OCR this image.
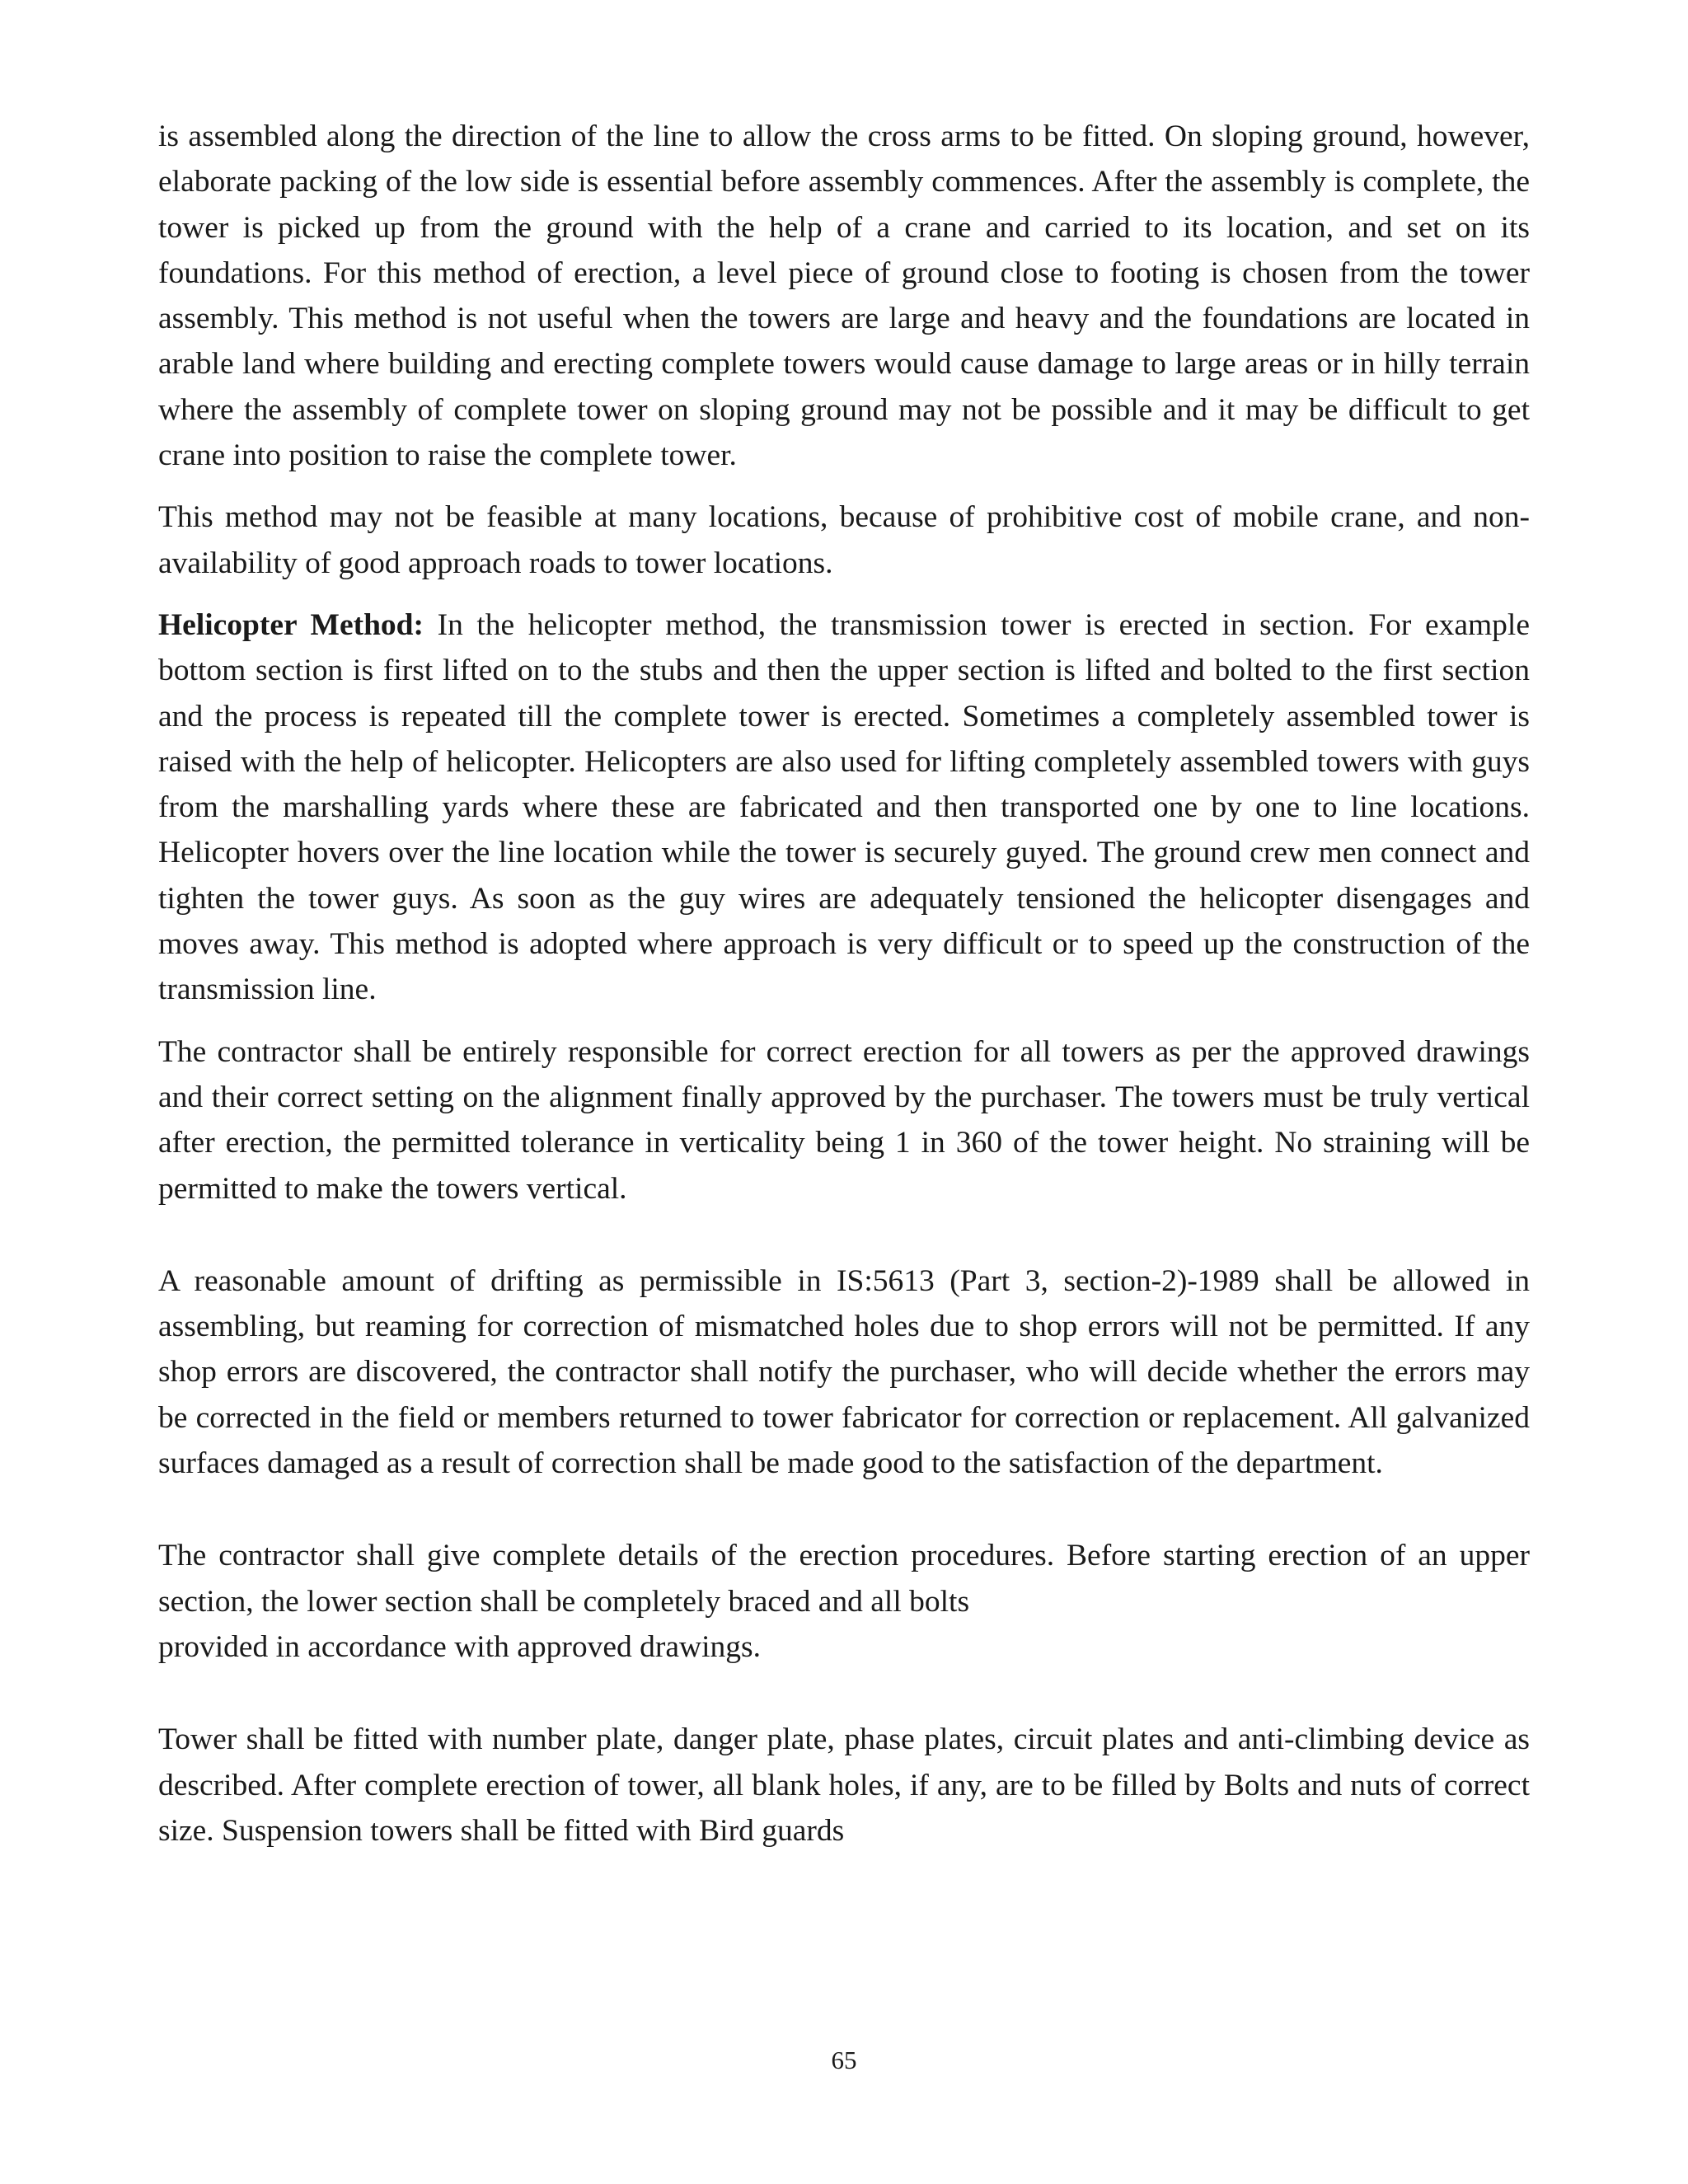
is assembled along the direction of the line to allow the cross arms to be fitted. On sloping ground, however, elaborate packing of the low side is essential before assembly commences. After the assembly is complete, the tower is picked up from the ground with the help of a crane and carried to its location, and set on its foundations. For this method of erection, a level piece of ground close to footing is chosen from the tower assembly. This method is not useful when the towers are large and heavy and the foundations are located in arable land where building and erecting complete towers would cause damage to large areas or in hilly terrain where the assembly of complete tower on sloping ground may not be possible and it may be difficult to get crane into position to raise the complete tower.

This method may not be feasible at many locations, because of prohibitive cost of mobile crane, and non-availability of good approach roads to tower locations.

Helicopter Method: In the helicopter method, the transmission tower is erected in section. For example bottom section is first lifted on to the stubs and then the upper section is lifted and bolted to the first section and the process is repeated till the complete tower is erected. Sometimes a completely assembled tower is raised with the help of helicopter. Helicopters are also used for lifting completely assembled towers with guys from the marshalling yards where these are fabricated and then transported one by one to line locations. Helicopter hovers over the line location while the tower is securely guyed. The ground crew men connect and tighten the tower guys. As soon as the guy wires are adequately tensioned the helicopter disengages and moves away. This method is adopted where approach is very difficult or to speed up the construction of the transmission line.

The contractor shall be entirely responsible for correct erection for all towers as per the approved drawings and their correct setting on the alignment finally approved by the purchaser. The towers must be truly vertical after erection, the permitted tolerance in verticality being 1 in 360 of the tower height. No straining will be permitted to make the towers vertical.

A reasonable amount of drifting as permissible in IS:5613 (Part 3, section-2)-1989 shall be allowed in assembling, but reaming for correction of mismatched holes due to shop errors will not be permitted. If any shop errors are discovered, the contractor shall notify the purchaser, who will decide whether the errors may be corrected in the field or members returned to tower fabricator for correction or replacement. All galvanized surfaces damaged as a result of correction shall be made good to the satisfaction of the department.

The contractor shall give complete details of the erection procedures. Before starting erection of an upper section, the lower section shall be completely braced and all bolts
provided in accordance with approved drawings.

Tower shall be fitted with number plate, danger plate, phase plates, circuit plates and anti-climbing device as described. After complete erection of tower, all blank holes, if any, are to be filled by Bolts and nuts of correct size. Suspension towers shall be fitted with Bird guards

65
